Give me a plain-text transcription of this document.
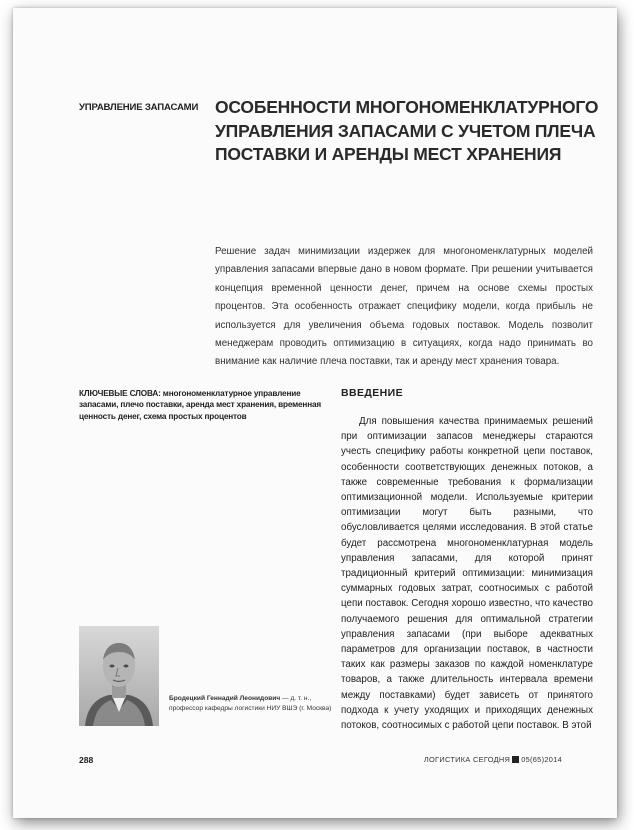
УПРАВЛЕНИЕ ЗАПАСАМИ ОСОБЕННОСТИ МНОГОНОМЕНКЛАТУРНОГО УПРАВЛЕНИЯ ЗАПАСАМИ С УЧЕТОМ ПЛЕЧА ПОСТАВКИ И АРЕНДЫ МЕСТ ХРАНЕНИЯ
Решение задач минимизации издержек для многономенклатурных моделей управления запасами впервые дано в новом формате. При решении учитывается концепция временной ценности денег, причем на основе схемы простых процентов. Эта особенность отражает специфику модели, когда прибыль не используется для увеличения объема годовых поставок. Модель позволит менеджерам проводить оптимизацию в ситуациях, когда надо принимать во внимание как наличие плеча поставки, так и аренду мест хранения товара.
КЛЮЧЕВЫЕ СЛОВА: многономенклатурное управление запасами, плечо поставки, аренда мест хранения, временная ценность денег, схема простых процентов
ВВЕДЕНИЕ
Для повышения качества принимаемых решений при оптимизации запасов менеджеры стараются учесть специфику работы конкретной цепи поставок, особенности соответствующих денежных потоков, а также современные требования к формализации оптимизационной модели. Используемые критерии оптимизации могут быть разными, что обусловливается целями исследования. В этой статье будет рассмотрена многономенклатурная модель управления запасами, для которой принят традиционный критерий оптимизации: минимизация суммарных годовых затрат, соотносимых с работой цепи поставок. Сегодня хорошо известно, что качество получаемого решения для оптимальной стратегии управления запасами (при выборе адекватных параметров для организации поставок, в частности таких как размеры заказов по каждой номенклатуре товаров, а также длительность интервала времени между поставками) будет зависеть от принятого подхода к учету уходящих и приходящих денежных потоков, соотносимых с работой цепи поставок. В этой
Бродецкий Геннадий Леонидович — д. т. н., профессор кафедры логистики НИУ ВШЭ (г. Москва)
288	ЛОГИСТИКА СЕГОДНЯ 05(65)2014
